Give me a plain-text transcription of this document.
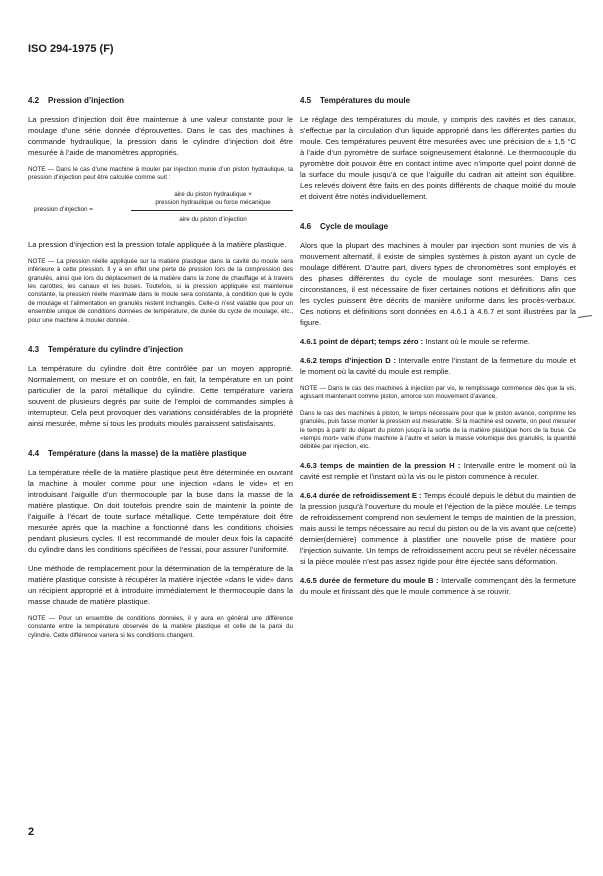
ISO 294-1975 (F)
4.2 Pression d’injection

La pression d’injection doit être maintenue à une valeur constante pour le moulage d’une série donnée d’éprouvettes. Dans le cas des machines à commande hydraulique, la pression dans le cylindre d’injection doit être mesurée à l’aide de manomètres appropriés.

NOTE — Dans le cas d’une machine à mouler par injection munie d’un piston hydraulique, la pression d’injection peut être calculée comme suit :

pression d’injection =
aire du piston hydraulique ×
pression hydraulique ou force mécanique
aire du piston d’injection

La pression d’injection est la pression totale appliquée à la matière plastique.

NOTE — La pression réelle appliquée sur la matière plastique dans la cavité du moule sera inférieure à cette pression. Il y a en effet une perte de pression lors de la compression des granulés, ainsi que lors du déplacement de la matière dans la zone de chauffage et à travers les carottes, les canaux et les buses. Toutefois, si la pression appliquée est maintenue constante, la pression réelle maximale dans le moule sera constante, à condition que le cycle de moulage et l’alimentation en granulés restent inchangés. Celle-ci n’est valable que pour un ensemble unique de conditions données de température, de durée du cycle de moulage, etc., pour une machine à mouler donnée.

4.3 Température du cylindre d’injection

La température du cylindre doit être contrôlée par un moyen approprié. Normalement, on mesure et on contrôle, en fait, la température en un point particulier de la paroi métallique du cylindre. Cette température variera souvent de plusieurs degrés par suite de l’emploi de commandes simples à interrupteur. Cela peut provoquer des variations considérables de la propriété ainsi mesurée, même si tous les produits moulés paraissent satisfaisants.

4.4 Température (dans la masse) de la matière plastique

La température réelle de la matière plastique peut être déterminée en ouvrant la machine à mouler comme pour une injection «dans le vide» et en introduisant l’aiguille d’un thermocouple par la buse dans la masse de la matière plastique. On doit toutefois prendre soin de maintenir la pointe de l’aiguille à l’écart de toute surface métallique. Cette température doit être mesurée après que la machine a fonctionné dans les conditions choisies pendant plusieurs cycles. Il est recommandé de mouler deux fois la capacité du cylindre dans les conditions spécifiées de l’essai, pour assurer l’uniformité.

Une méthode de remplacement pour la détermination de la température de la matière plastique consiste à récupérer la matière injectée «dans le vide» dans un récipient approprié et à introduire immédiatement le thermocouple dans la masse chaude de matière plastique.

NOTE — Pour un ensemble de conditions données, il y aura en général une différence constante entre la température observée de la matière plastique et celle de la paroi du cylindre. Cette différence variera si les conditions changent.

4.5 Températures du moule

Le réglage des températures du moule, y compris des cavités et des canaux, s’effectue par la circulation d’un liquide approprié dans les différentes parties du moule. Ces températures peuvent être mesurées avec une précision de ± 1,5 °C à l’aide d’un pyromètre de surface soigneusement étalonné. Le thermocouple du pyromètre doit pouvoir être en contact intime avec n’importe quel point donné de la surface du moule jusqu’à ce que l’aiguille du cadran ait atteint son équilibre. Les relevés doivent être faits en des points différents de chaque moitié du moule et doivent être notés individuellement.

4.6 Cycle de moulage

Alors que la plupart des machines à mouler par injection sont munies de vis à mouvement alternatif, il existe de simples systèmes à piston ayant un cycle de moulage différent. D’autre part, divers types de chronomètres sont employés et des phases différentes du cycle de moulage sont mesurées. Dans ces circonstances, il est nécessaire de fixer certaines notions et définitions afin que les cycles puissent être décrits de manière uniforme dans les procès-verbaux. Ces notions et définitions sont données en 4.6.1 à 4.6.7 et sont illustrées par la figure.

4.6.1 point de départ; temps zéro : Instant où le moule se referme.
4.6.2 temps d’injection D : Intervalle entre l’instant de la fermeture du moule et le moment où la cavité du moule est remplie.

NOTE — Dans le cas des machines à injection par vis, le remplissage commence dès que la vis, agissant maintenant comme piston, amorce son mouvement d’avance.

Dans le cas des machines à piston, le temps nécessaire pour que le piston avance, comprime les granulés, puis fasse monter la pression est mesurable. Si la machine est ouverte, on peut mesurer le temps à partir du départ du piston jusqu’à la sortie de la matière plastique hors de la buse. Ce «temps mort» varie d’une machine à l’autre et selon la masse volumique des granulés, la quantité débitée par injection, etc.

4.6.3 temps de maintien de la pression H : Intervalle entre le moment où la cavité est remplie et l’instant où la vis ou le piston commence à reculer.
4.6.4 durée de refroidissement E : Temps écoulé depuis le début du maintien de la pression jusqu’à l’ouverture du moule et l’éjection de la pièce moulée. Le temps de refroidissement comprend non seulement le temps de maintien de la pression, mais aussi le temps nécessaire au recul du piston ou de la vis avant que ce(cette) dernier(dernière) commence à plastifier une nouvelle prise de matière pour l’injection suivante. Un temps de refroidissement accru peut se révéler nécessaire si la pièce moulée n’est pas assez rigide pour être éjectée sans déformation.
4.6.5 durée de fermeture du moule B : Intervalle commençant dès la fermeture du moule et finissant dès que le moule commence à se rouvrir.
2
